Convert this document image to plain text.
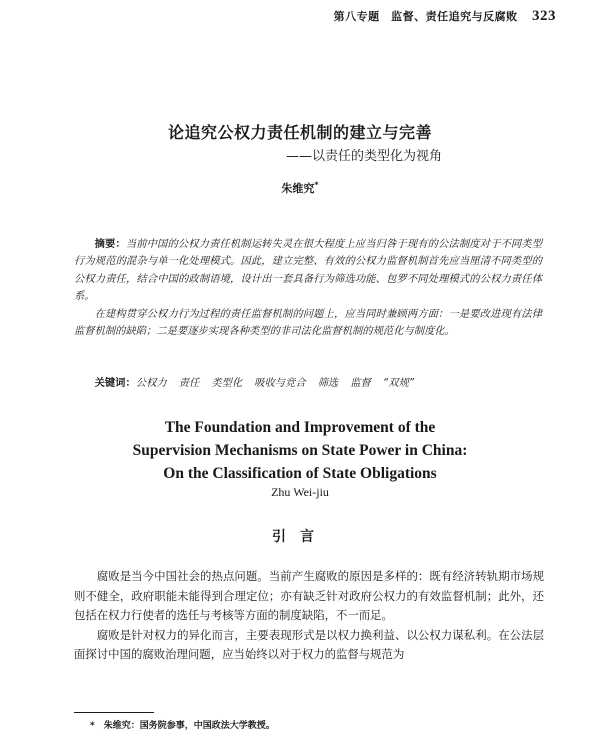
第八专题　监督、责任追究与反腐败 323
论追究公权力责任机制的建立与完善
——以责任的类型化为视角
朱维究*

摘要：当前中国的公权力责任机制运转失灵在很大程度上应当归咎于现有的公法制度对于不同类型行为规范的混杂与单一化处理模式。因此，建立完整、有效的公权力监督机制首先应当厘清不同类型的公权力责任，结合中国的政制语境，设计出一套具备行为筛选功能、包罗不同处理模式的公权力责任体系。

在建构贯穿公权力行为过程的责任监督机制的问题上，应当同时兼顾两方面：一是要改进现有法律监督机制的缺陷；二是要逐步实现各种类型的非司法化监督机制的规范化与制度化。

关键词：公权力 责任 类型化 吸收与竞合 筛选 监督 “双规”
The Foundation and Improvement of the
Supervision Mechanisms on State Power in China:
On the Classification of State Obligations
Zhu Wei-jiu
引言

腐败是当今中国社会的热点问题。当前产生腐败的原因是多样的：既有经济转轨期市场规则不健全，政府职能未能得到合理定位；亦有缺乏针对政府公权力的有效监督机制；此外，还包括在权力行使者的选任与考核等方面的制度缺陷，不一而足。

腐败是针对权力的异化而言，主要表现形式是以权力换利益、以公权力谋私利。在公法层面探讨中国的腐败治理问题，应当始终以对于权力的监督与规范为

*　朱维究：国务院参事，中国政法大学教授。
